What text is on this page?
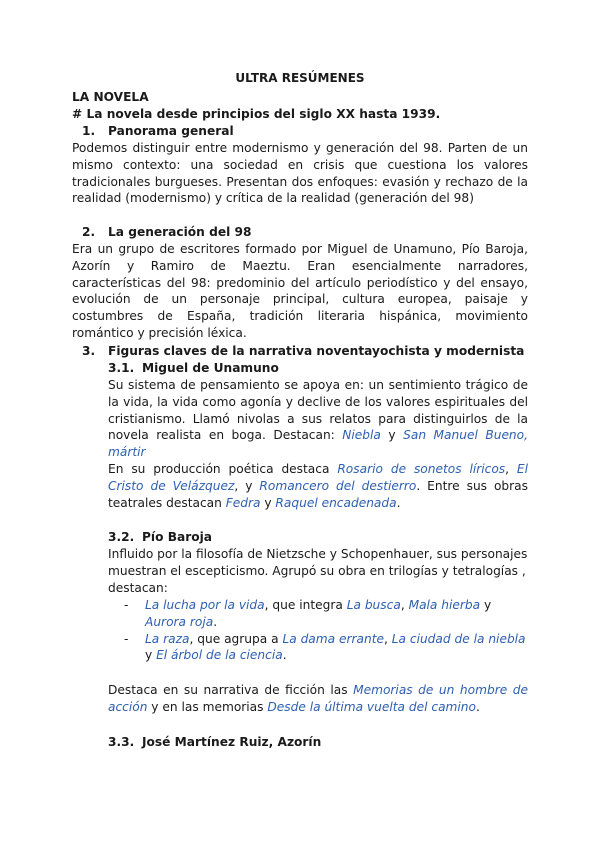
ULTRA RESÚMENES
LA NOVELA
# La novela desde principios del siglo XX hasta 1939.
1. Panorama general

Podemos distinguir entre modernismo y generación del 98. Parten de un mismo contexto: una sociedad en crisis que cuestiona los valores tradicionales burgueses. Presentan dos enfoques: evasión y rechazo de la realidad (modernismo) y crítica de la realidad (generación del 98)

2. La generación del 98

Era un grupo de escritores formado por Miguel de Unamuno, Pío Baroja, Azorín y Ramiro de Maeztu. Eran esencialmente narradores, características del 98: predominio del artículo periodístico y del ensayo, evolución de un personaje principal, cultura europea, paisaje y costumbres de España, tradición literaria hispánica, movimiento romántico y precisión léxica.

3. Figuras claves de la narrativa noventayochista y modernista
3.1. Miguel de Unamuno

Su sistema de pensamiento se apoya en: un sentimiento trágico de la vida, la vida como agonía y declive de los valores espirituales del cristianismo. Llamó nivolas a sus relatos para distinguirlos de la novela realista en boga. Destacan: Niebla y San Manuel Bueno, mártir

En su producción poética destaca Rosario de sonetos líricos, El Cristo de Velázquez, y Romancero del destierro. Entre sus obras teatrales destacan Fedra y Raquel encadenada.

3.2. Pío Baroja

Influido por la filosofía de Nietzsche y Schopenhauer, sus personajes muestran el escepticismo. Agrupó su obra en trilogías y tetralogías , destacan:

- La lucha por la vida, que integra La busca, Mala hierba y Aurora roja.
- La raza, que agrupa a La dama errante, La ciudad de la niebla y El árbol de la ciencia.

Destaca en su narrativa de ficción las Memorias de un hombre de acción y en las memorias Desde la última vuelta del camino.

3.3. José Martínez Ruiz, Azorín
